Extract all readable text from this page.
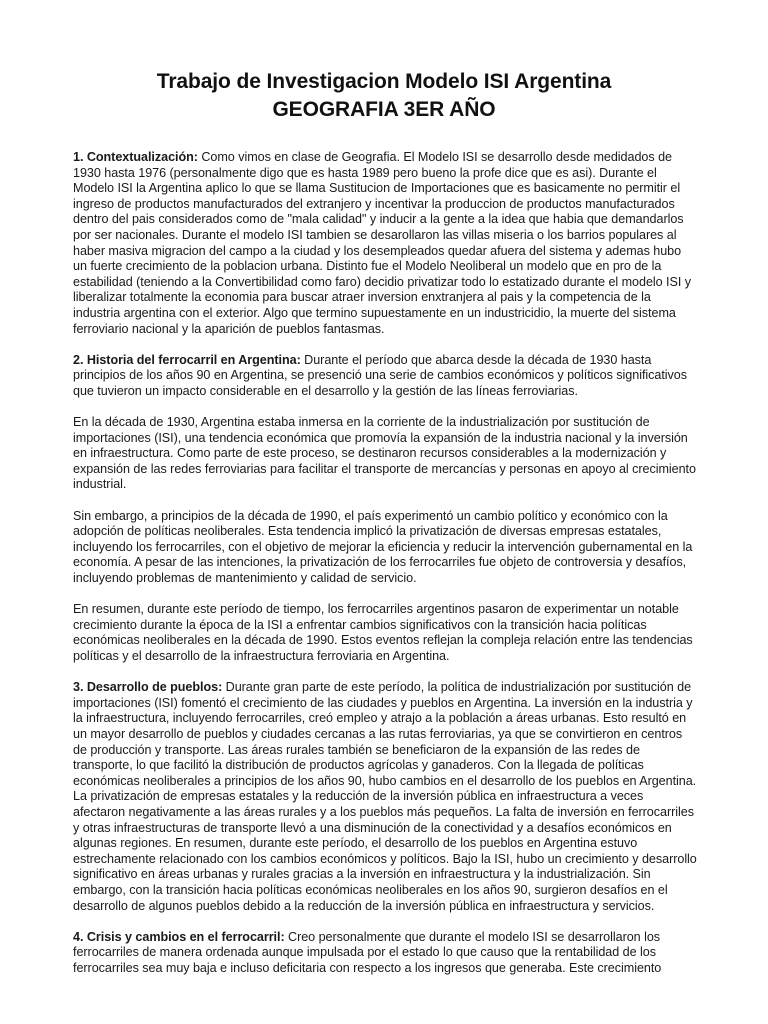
Trabajo de Investigacion Modelo ISI Argentina
GEOGRAFIA 3ER AÑO

1. Contextualización: Como vimos en clase de Geografia. El Modelo ISI se desarrollo desde medidados de 1930 hasta 1976 (personalmente digo que es hasta 1989 pero bueno la profe dice que es asi). Durante el Modelo ISI la Argentina aplico lo que se llama Sustitucion de Importaciones que es basicamente no permitir el ingreso de productos manufacturados del extranjero y incentivar la produccion de productos manufacturados dentro del pais considerados como de "mala calidad" y inducir a la gente a la idea que habia que demandarlos por ser nacionales. Durante el modelo ISI tambien se desarollaron las villas miseria o los barrios populares al haber masiva migracion del campo a la ciudad y los desempleados quedar afuera del sistema y ademas hubo un fuerte crecimiento de la poblacion urbana. Distinto fue el Modelo Neoliberal un modelo que en pro de la estabilidad (teniendo a la Convertibilidad como faro) decidio privatizar todo lo estatizado durante el modelo ISI y liberalizar totalmente la economia para buscar atraer inversion enxtranjera al pais y la competencia de la industria argentina con el exterior. Algo que termino supuestamente en un industricidio, la muerte del sistema ferroviario nacional y la aparición de pueblos fantasmas.

2. Historia del ferrocarril en Argentina: Durante el período que abarca desde la década de 1930 hasta principios de los años 90 en Argentina, se presenció una serie de cambios económicos y políticos significativos que tuvieron un impacto considerable en el desarrollo y la gestión de las líneas ferroviarias.

En la década de 1930, Argentina estaba inmersa en la corriente de la industrialización por sustitución de importaciones (ISI), una tendencia económica que promovía la expansión de la industria nacional y la inversión en infraestructura. Como parte de este proceso, se destinaron recursos considerables a la modernización y expansión de las redes ferroviarias para facilitar el transporte de mercancías y personas en apoyo al crecimiento industrial.

Sin embargo, a principios de la década de 1990, el país experimentó un cambio político y económico con la adopción de políticas neoliberales. Esta tendencia implicó la privatización de diversas empresas estatales, incluyendo los ferrocarriles, con el objetivo de mejorar la eficiencia y reducir la intervención gubernamental en la economía. A pesar de las intenciones, la privatización de los ferrocarriles fue objeto de controversia y desafíos, incluyendo problemas de mantenimiento y calidad de servicio.

En resumen, durante este período de tiempo, los ferrocarriles argentinos pasaron de experimentar un notable crecimiento durante la época de la ISI a enfrentar cambios significativos con la transición hacia políticas económicas neoliberales en la década de 1990. Estos eventos reflejan la compleja relación entre las tendencias políticas y el desarrollo de la infraestructura ferroviaria en Argentina.

3. Desarrollo de pueblos: Durante gran parte de este período, la política de industrialización por sustitución de importaciones (ISI) fomentó el crecimiento de las ciudades y pueblos en Argentina. La inversión en la industria y la infraestructura, incluyendo ferrocarriles, creó empleo y atrajo a la población a áreas urbanas. Esto resultó en un mayor desarrollo de pueblos y ciudades cercanas a las rutas ferroviarias, ya que se convirtieron en centros de producción y transporte. Las áreas rurales también se beneficiaron de la expansión de las redes de transporte, lo que facilitó la distribución de productos agrícolas y ganaderos. Con la llegada de políticas económicas neoliberales a principios de los años 90, hubo cambios en el desarrollo de los pueblos en Argentina. La privatización de empresas estatales y la reducción de la inversión pública en infraestructura a veces afectaron negativamente a las áreas rurales y a los pueblos más pequeños. La falta de inversión en ferrocarriles y otras infraestructuras de transporte llevó a una disminución de la conectividad y a desafíos económicos en algunas regiones. En resumen, durante este período, el desarrollo de los pueblos en Argentina estuvo estrechamente relacionado con los cambios económicos y políticos. Bajo la ISI, hubo un crecimiento y desarrollo significativo en áreas urbanas y rurales gracias a la inversión en infraestructura y la industrialización. Sin embargo, con la transición hacia políticas económicas neoliberales en los años 90, surgieron desafíos en el desarrollo de algunos pueblos debido a la reducción de la inversión pública en infraestructura y servicios.

4. Crisis y cambios en el ferrocarril: Creo personalmente que durante el modelo ISI se desarrollaron los ferrocarriles de manera ordenada aunque impulsada por el estado lo que causo que la rentabilidad de los ferrocarriles sea muy baja e incluso deficitaria con respecto a los ingresos que generaba. Este crecimiento
